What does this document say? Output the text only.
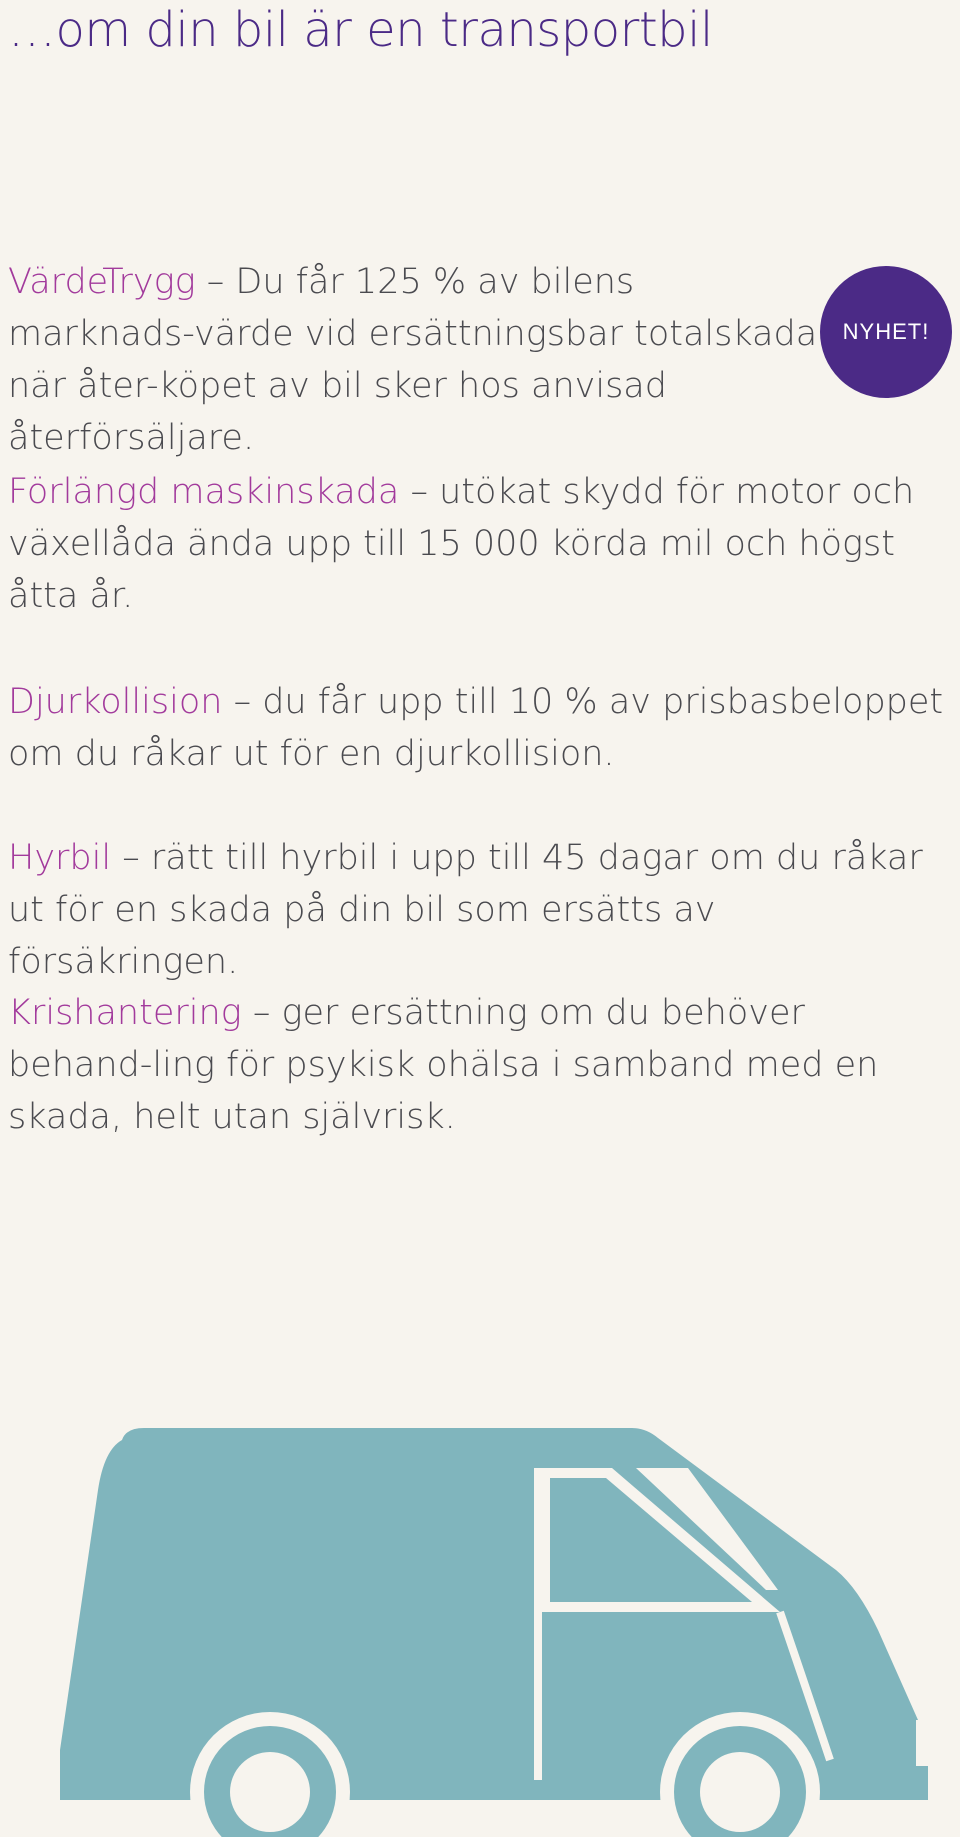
…om din bil är en transportbil
NYHET!

VärdeTrygg – Du får 125 % av bilens marknads-värde vid ersättningsbar totalskada när åter-köpet av bil sker hos anvisad återförsäljare.

Förlängd maskinskada – utökat skydd för motor och växellåda ända upp till 15 000 körda mil och högst åtta år.

Djurkollision – du får upp till 10 % av prisbasbeloppet om du råkar ut för en djurkollision.

Hyrbil – rätt till hyrbil i upp till 45 dagar om du råkar ut för en skada på din bil som ersätts av försäkringen.

Krishantering – ger ersättning om du behöver behand-ling för psykisk ohälsa i samband med en skada, helt utan självrisk.
